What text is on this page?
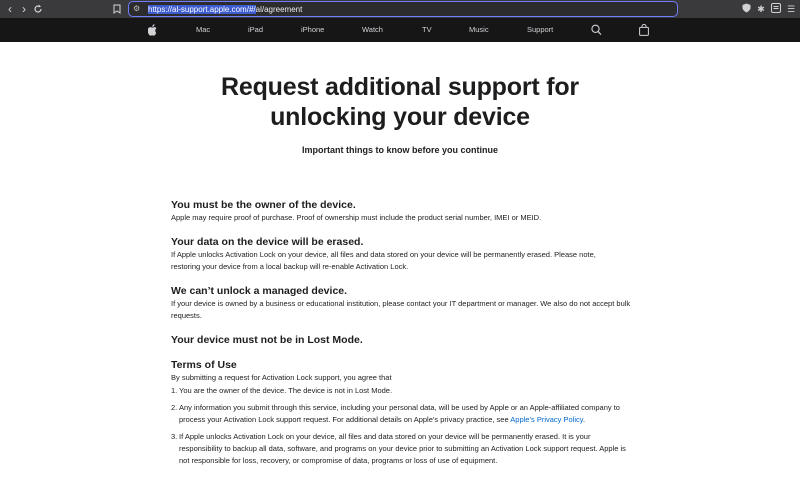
‹ ›	⚙ https://al-support.apple.com/#/al/agreement	✱ ☰
Mac	iPad	iPhone	Watch	TV	Music	Support
Request additional support for
unlocking your device
Important things to know before you continue
You must be the owner of the device.
Apple may require proof of purchase. Proof of ownership must include the product serial number, IMEI or MEID.
Your data on the device will be erased.
If Apple unlocks Activation Lock on your device, all files and data stored on your device will be permanently erased. Please note, restoring your device from a local backup will re-enable Activation Lock.
We can’t unlock a managed device.
If your device is owned by a business or educational institution, please contact your IT department or manager. We also do not accept bulk requests.
Your device must not be in Lost Mode.
Terms of Use
By submitting a request for Activation Lock support, you agree that
1. You are the owner of the device. The device is not in Lost Mode.
2. Any information you submit through this service, including your personal data, will be used by Apple or an Apple-affiliated company to process your Activation Lock support request. For additional details on Apple’s privacy practice, see Apple’s Privacy Policy.
3. If Apple unlocks Activation Lock on your device, all files and data stored on your device will be permanently erased. It is your responsibility to backup all data, software, and programs on your device prior to submitting an Activation Lock support request. Apple is not responsible for loss, recovery, or compromise of data, programs or loss of use of equipment.
